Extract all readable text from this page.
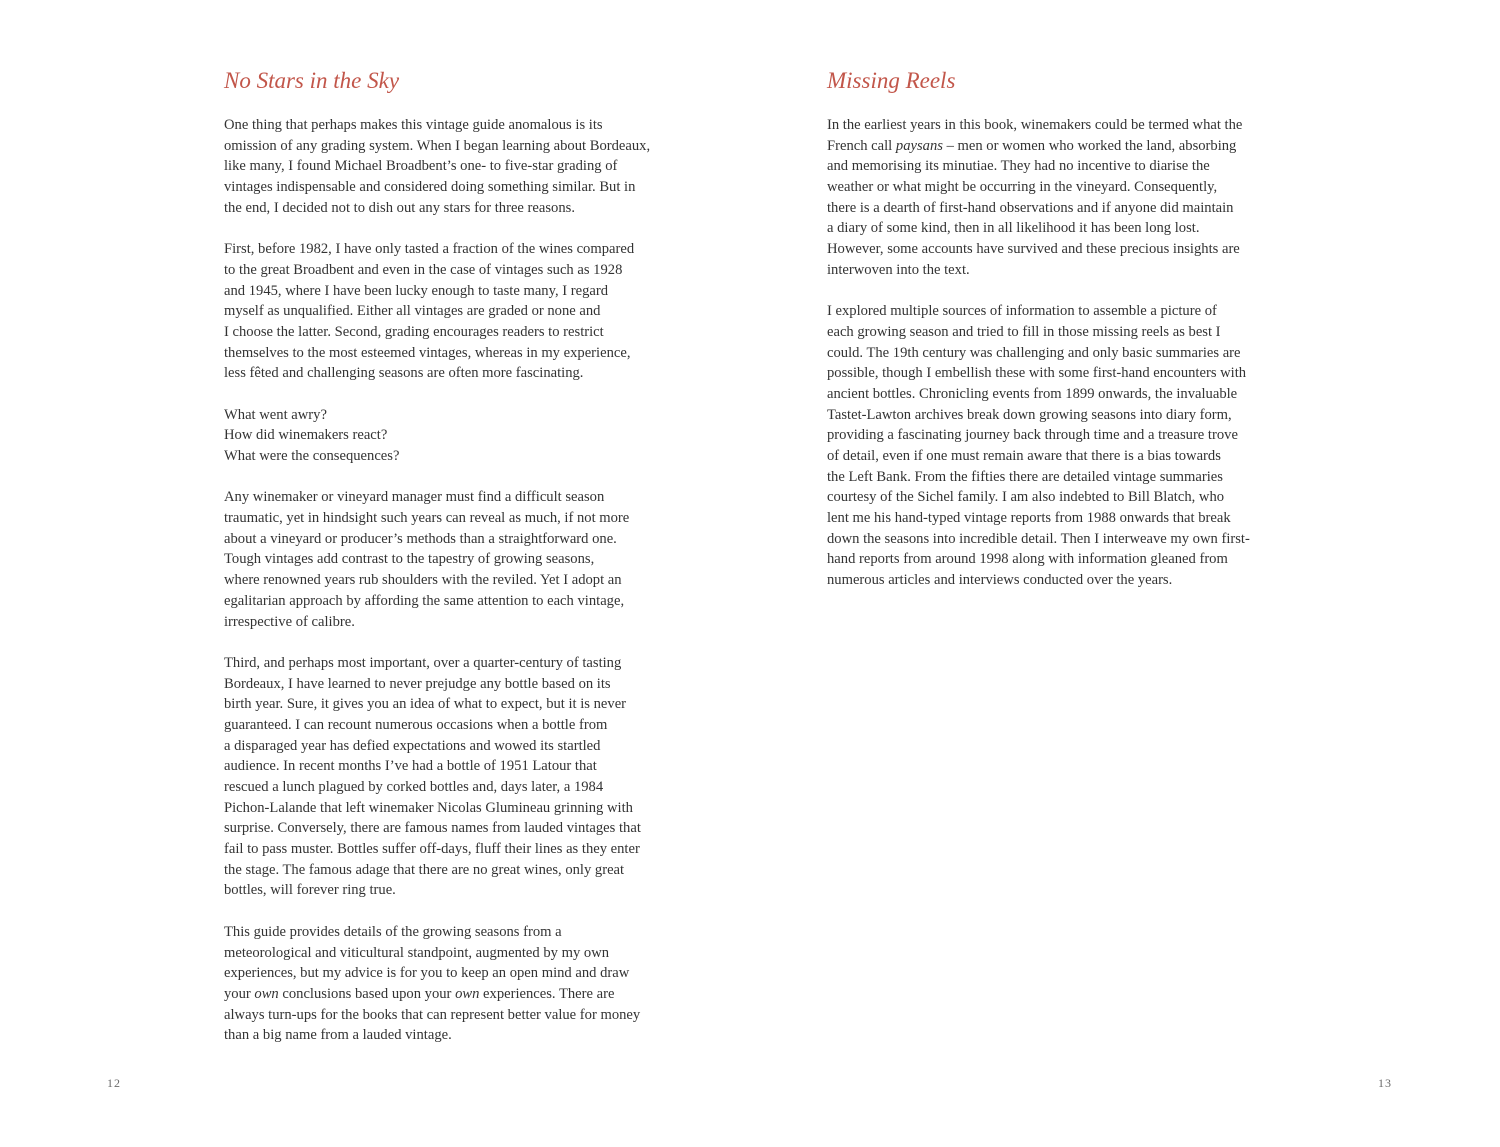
No Stars in the Sky

One thing that perhaps makes this vintage guide anomalous is its
omission of any grading system. When I began learning about Bordeaux,
like many, I found Michael Broadbent’s one- to five-star grading of
vintages indispensable and considered doing something similar. But in
the end, I decided not to dish out any stars for three reasons.

First, before 1982, I have only tasted a fraction of the wines compared
to the great Broadbent and even in the case of vintages such as 1928
and 1945, where I have been lucky enough to taste many, I regard
myself as unqualified. Either all vintages are graded or none and
I choose the latter. Second, grading encourages readers to restrict
themselves to the most esteemed vintages, whereas in my experience,
less fêted and challenging seasons are often more fascinating.

What went awry?
How did winemakers react?
What were the consequences?

Any winemaker or vineyard manager must find a difficult season
traumatic, yet in hindsight such years can reveal as much, if not more
about a vineyard or producer’s methods than a straightforward one.
Tough vintages add contrast to the tapestry of growing seasons,
where renowned years rub shoulders with the reviled. Yet I adopt an
egalitarian approach by affording the same attention to each vintage,
irrespective of calibre.

Third, and perhaps most important, over a quarter-century of tasting
Bordeaux, I have learned to never prejudge any bottle based on its
birth year. Sure, it gives you an idea of what to expect, but it is never
guaranteed. I can recount numerous occasions when a bottle from
a disparaged year has defied expectations and wowed its startled
audience. In recent months I’ve had a bottle of 1951 Latour that
rescued a lunch plagued by corked bottles and, days later, a 1984
Pichon-Lalande that left winemaker Nicolas Glumineau grinning with
surprise. Conversely, there are famous names from lauded vintages that
fail to pass muster. Bottles suffer off-days, fluff their lines as they enter
the stage. The famous adage that there are no great wines, only great
bottles, will forever ring true.

This guide provides details of the growing seasons from a
meteorological and viticultural standpoint, augmented by my own
experiences, but my advice is for you to keep an open mind and draw
your own conclusions based upon your own experiences. There are
always turn-ups for the books that can represent better value for money
than a big name from a lauded vintage.

12
Missing Reels

In the earliest years in this book, winemakers could be termed what the
French call paysans – men or women who worked the land, absorbing
and memorising its minutiae. They had no incentive to diarise the
weather or what might be occurring in the vineyard. Consequently,
there is a dearth of first-hand observations and if anyone did maintain
a diary of some kind, then in all likelihood it has been long lost.
However, some accounts have survived and these precious insights are
interwoven into the text.

I explored multiple sources of information to assemble a picture of
each growing season and tried to fill in those missing reels as best I
could. The 19th century was challenging and only basic summaries are
possible, though I embellish these with some first-hand encounters with
ancient bottles. Chronicling events from 1899 onwards, the invaluable
Tastet-Lawton archives break down growing seasons into diary form,
providing a fascinating journey back through time and a treasure trove
of detail, even if one must remain aware that there is a bias towards
the Left Bank. From the fifties there are detailed vintage summaries
courtesy of the Sichel family. I am also indebted to Bill Blatch, who
lent me his hand-typed vintage reports from 1988 onwards that break
down the seasons into incredible detail. Then I interweave my own first-
hand reports from around 1998 along with information gleaned from
numerous articles and interviews conducted over the years.

13
